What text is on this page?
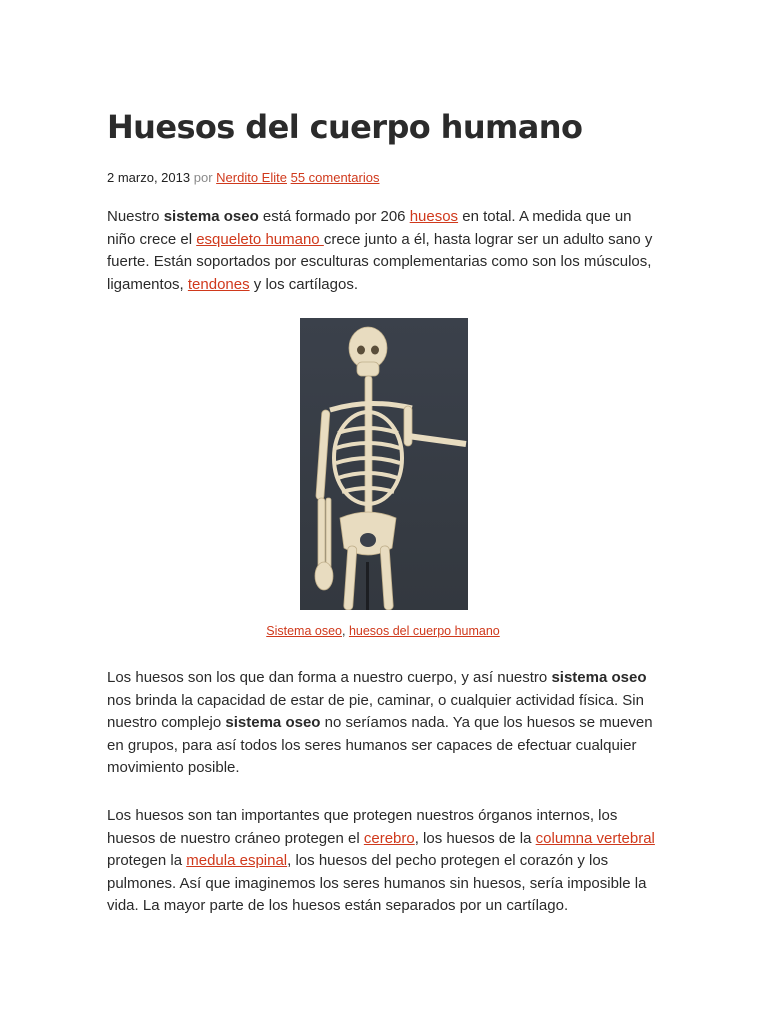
Huesos del cuerpo humano
2 marzo, 2013 por Nerdito Elite 55 comentarios

Nuestro sistema oseo está formado por 206 huesos en total. A medida que un niño crece el esqueleto humano crece junto a él, hasta lograr ser un adulto sano y fuerte. Están soportados por esculturas complementarias como son los músculos, ligamentos, tendones y los cartílagos.

Sistema oseo, huesos del cuerpo humano

Los huesos son los que dan forma a nuestro cuerpo, y así nuestro sistema oseo nos brinda la capacidad de estar de pie, caminar, o cualquier actividad física. Sin nuestro complejo sistema oseo no seríamos nada. Ya que los huesos se mueven en grupos, para así todos los seres humanos ser capaces de efectuar cualquier movimiento posible.

Los huesos son tan importantes que protegen nuestros órganos internos, los huesos de nuestro cráneo protegen el cerebro, los huesos de la columna vertebral protegen la medula espinal, los huesos del pecho protegen el corazón y los pulmones. Así que imaginemos los seres humanos sin huesos, sería imposible la vida. La mayor parte de los huesos están separados por un cartílago.
